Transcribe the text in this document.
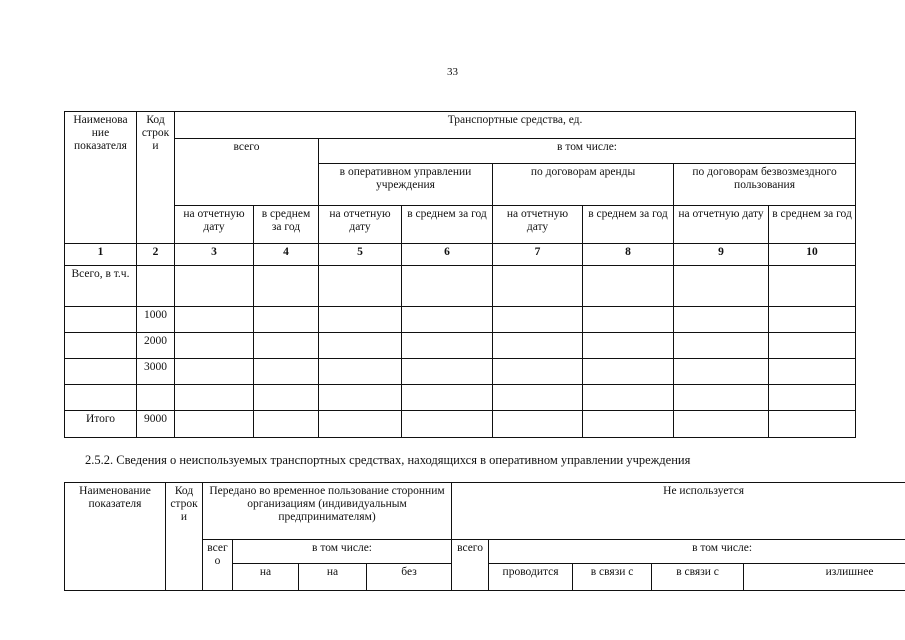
33
Наименова ние показателя	Код строк и	Транспортные средства, ед.							
		всего		в том числе:					
				в оперативном управлении учреждения		по договорам аренды		по договорам безвозмездного пользования	
		на отчетную дату	в среднем за год	на отчетную дату	в среднем за год	на отчетную дату	в среднем за год	на отчетную дату	в среднем за год
1	2	3	4	5	6	7	8	9	10
Всего, в т.ч.									
	1000								
	2000								
	3000								

Итого	9000								
2.5.2. Сведения о неиспользуемых транспортных средствах, находящихся в оперативном управлении учреждения
Наименование показателя	Код строк и	Передано во временное пользование сторонним организациям (индивидуальным предпринимателям)				Не используется				
		всег о	в том числе:			всего	в том числе:			
			на	на	без		проводится	в связи с	в связи с	излишнее
